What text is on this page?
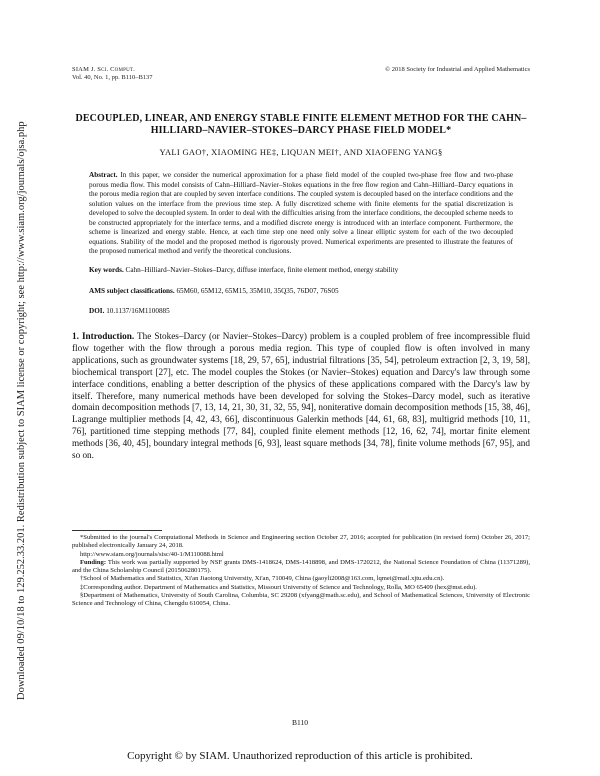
Downloaded 09/10/18 to 129.252.33.201. Redistribution subject to SIAM license or copyright; see http://www.siam.org/journals/ojsa.php
SIAM J. Sci. Comput.
Vol. 40, No. 1, pp. B110–B137
© 2018 Society for Industrial and Applied Mathematics
DECOUPLED, LINEAR, AND ENERGY STABLE FINITE ELEMENT METHOD FOR THE CAHN–HILLIARD–NAVIER–STOKES–DARCY PHASE FIELD MODEL*
YALI GAO†, XIAOMING HE‡, LIQUAN MEI†, AND XIAOFENG YANG§
Abstract. In this paper, we consider the numerical approximation for a phase field model of the coupled two-phase free flow and two-phase porous media flow. This model consists of Cahn–Hilliard–Navier–Stokes equations in the free flow region and Cahn–Hilliard–Darcy equations in the porous media region that are coupled by seven interface conditions. The coupled system is decoupled based on the interface conditions and the solution values on the interface from the previous time step. A fully discretized scheme with finite elements for the spatial discretization is developed to solve the decoupled system. In order to deal with the difficulties arising from the interface conditions, the decoupled scheme needs to be constructed appropriately for the interface terms, and a modified discrete energy is introduced with an interface component. Furthermore, the scheme is linearized and energy stable. Hence, at each time step one need only solve a linear elliptic system for each of the two decoupled equations. Stability of the model and the proposed method is rigorously proved. Numerical experiments are presented to illustrate the features of the proposed numerical method and verify the theoretical conclusions.
Key words. Cahn–Hilliard–Navier–Stokes–Darcy, diffuse interface, finite element method, energy stability
AMS subject classifications. 65M60, 65M12, 65M15, 35M10, 35Q35, 76D07, 76S05
DOI. 10.1137/16M1100885
1. Introduction. The Stokes–Darcy (or Navier–Stokes–Darcy) problem is a coupled problem of free incompressible fluid flow together with the flow through a porous media region. This type of coupled flow is often involved in many applications, such as groundwater systems [18, 29, 57, 65], industrial filtrations [35, 54], petroleum extraction [2, 3, 19, 58], biochemical transport [27], etc. The model couples the Stokes (or Navier–Stokes) equation and Darcy's law through some interface conditions, enabling a better description of the physics of these applications compared with the Darcy's law by itself. Therefore, many numerical methods have been developed for solving the Stokes–Darcy model, such as iterative domain decomposition methods [7, 13, 14, 21, 30, 31, 32, 55, 94], noniterative domain decomposition methods [15, 38, 46], Lagrange multiplier methods [4, 42, 43, 66], discontinuous Galerkin methods [44, 61, 68, 83], multigrid methods [10, 11, 76], partitioned time stepping methods [77, 84], coupled finite element methods [12, 16, 62, 74], mortar finite element methods [36, 40, 45], boundary integral methods [6, 93], least square methods [34, 78], finite volume methods [67, 95], and so on.

*Submitted to the journal's Computational Methods in Science and Engineering section October 27, 2016; accepted for publication (in revised form) October 26, 2017; published electronically January 24, 2018.

http://www.siam.org/journals/sisc/40-1/M110088.html

Funding: This work was partially supported by NSF grants DMS-1418624, DMS-1418898, and DMS-1720212, the National Science Foundation of China (11371289), and the China Scholarship Council (201506280175).

†School of Mathematics and Statistics, Xi'an Jiaotong University, Xi'an, 710049, China (gaoyli2008@163.com, lqmei@mail.xjtu.edu.cn).

‡Corresponding author. Department of Mathematics and Statistics, Missouri University of Science and Technology, Rolla, MO 65409 (hex@mst.edu).

§Department of Mathematics, University of South Carolina, Columbia, SC 29208 (xfyang@math.sc.edu), and School of Mathematical Sciences, University of Electronic Science and Technology of China, Chengdu 610054, China.

B110
Copyright © by SIAM. Unauthorized reproduction of this article is prohibited.
